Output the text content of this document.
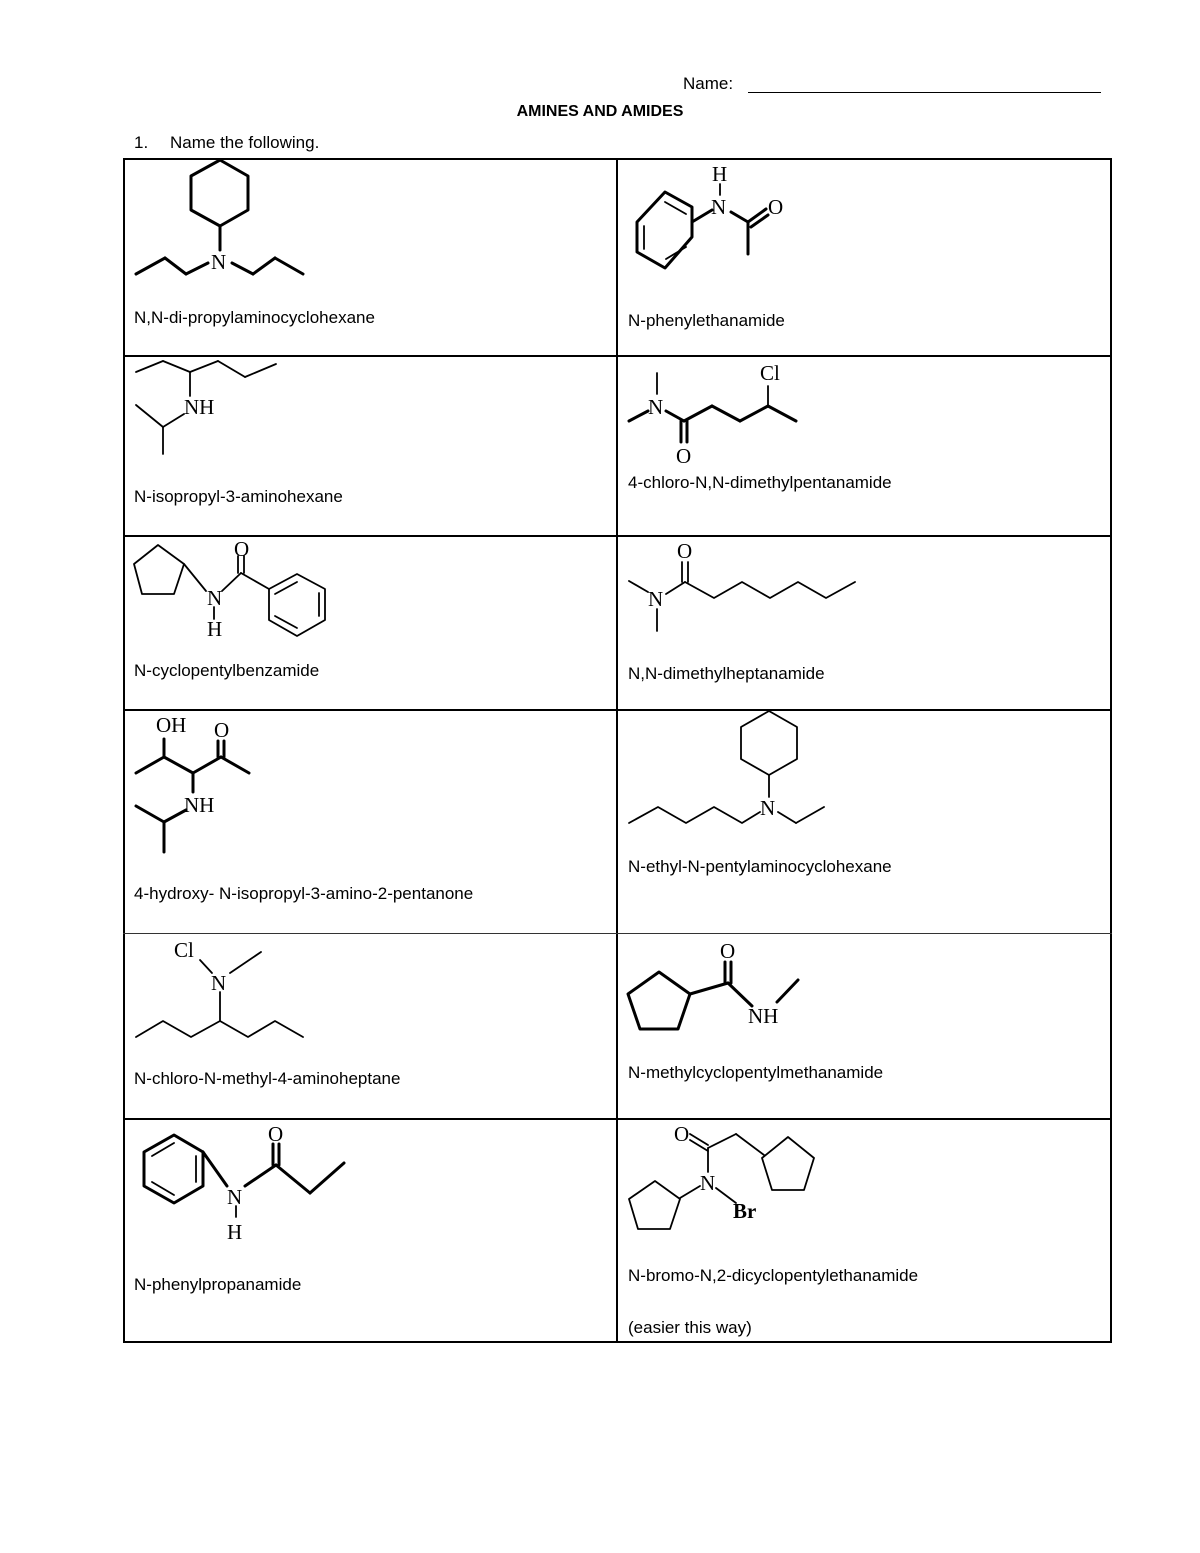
Name:
AMINES AND AMIDES
1. Name the following.
N
N,N-di-propylaminocyclohexane
H
N O
N-phenylethanamide
NH
N-isopropyl-3-aminohexane
Cl
N
O
4-chloro-N,N-dimethylpentanamide
O
N
H
N-cyclopentylbenzamide
O
N
N,N-dimethylheptanamide
OH O
NH
4-hydroxy- N-isopropyl-3-amino-2-pentanone
N
N-ethyl-N-pentylaminocyclohexane
Cl
N
N-chloro-N-methyl-4-aminoheptane
O
NH
N-methylcyclopentylmethanamide
O
N
H
N-phenylpropanamide
O
N
Br
N-bromo-N,2-dicyclopentylethanamide
(easier this way)
